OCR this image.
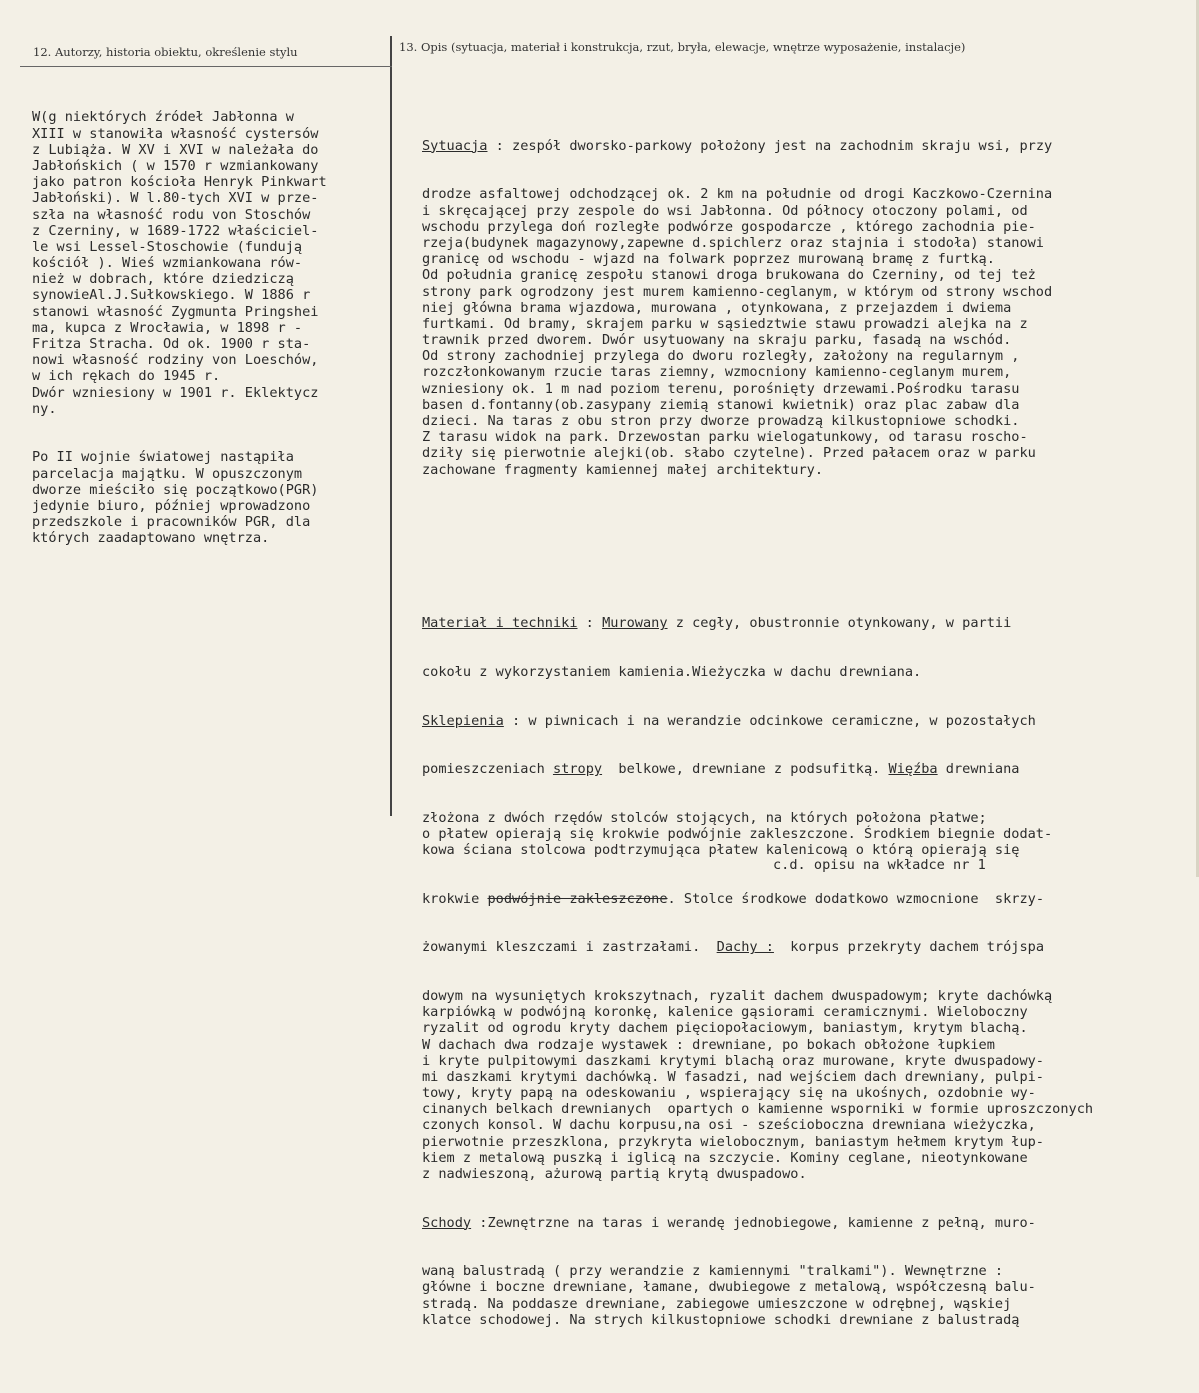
12. Autorzy, historia obiektu, określenie stylu	13. Opis (sytuacja, materiał i konstrukcja, rzut, bryła, elewacje, wnętrze wyposażenie, instalacje)

W(g niektórych źródeł Jabłonna w
XIII w stanowiła własność cystersów
z Lubiąża. W XV i XVI w należała do
Jabłońskich ( w 1570 r wzmiankowany
jako patron kościoła Henryk Pinkwart
Jabłoński). W l.80-tych XVI w prze-
szła na własność rodu von Stoschów
z Czerniny, w 1689-1722 właściciel-
le wsi Lessel-Stoschowie (fundują
kościół ). Wieś wzmiankowana rów-
nież w dobrach, które dziedziczą
synowieAl.J.Sułkowskiego. W 1886 r
stanowi własność Zygmunta Pringshei
ma, kupca z Wrocławia, w 1898 r -
Fritza Stracha. Od ok. 1900 r sta-
nowi własność rodziny von Loeschów,
w ich rękach do 1945 r.
Dwór wzniesiony w 1901 r. Eklektycz
ny.

Po II wojnie światowej nastąpiła
parcelacja majątku. W opuszczonym
dworze mieściło się początkowo(PGR)
jedynie biuro, później wprowadzono
przedszkole i pracowników PGR, dla
których zaadaptowano wnętrza.

Sytuacja : zespół dworsko-parkowy położony jest na zachodnim skraju wsi, przy

drodze asfaltowej odchodzącej ok. 2 km na południe od drogi Kaczkowo-Czernina
i skręcającej przy zespole do wsi Jabłonna. Od północy otoczony polami, od
wschodu przylega doń rozległe podwórze gospodarcze , którego zachodnia pie-
rzeja(budynek magazynowy,zapewne d.spichlerz oraz stajnia i stodoła) stanowi
granicę od wschodu - wjazd na folwark poprzez murowaną bramę z furtką.
Od południa granicę zespołu stanowi droga brukowana do Czerniny, od tej też
strony park ogrodzony jest murem kamienno-ceglanym, w którym od strony wschod
niej główna brama wjazdowa, murowana , otynkowana, z przejazdem i dwiema
furtkami. Od bramy, skrajem parku w sąsiedztwie stawu prowadzi alejka na z
trawnik przed dworem. Dwór usytuowany na skraju parku, fasadą na wschód.
Od strony zachodniej przylega do dworu rozległy, założony na regularnym ,
rozczłonkowanym rzucie taras ziemny, wzmocniony kamienno-ceglanym murem,
wzniesiony ok. 1 m nad poziom terenu, porośnięty drzewami.Pośrodku tarasu
basen d.fontanny(ob.zasypany ziemią stanowi kwietnik) oraz plac zabaw dla
dzieci. Na taras z obu stron przy dworze prowadzą kilkustopniowe schodki.
Z tarasu widok na park. Drzewostan parku wielogatunkowy, od tarasu roscho-
dziły się pierwotnie alejki(ob. słabo czytelne). Przed pałacem oraz w parku
zachowane fragmenty kamiennej małej architektury.

Materiał i techniki : Murowany z cegły, obustronnie otynkowany, w partii

cokołu z wykorzystaniem kamienia.Wieżyczka w dachu drewniana.

Sklepienia : w piwnicach i na werandzie odcinkowe ceramiczne, w pozostałych

pomieszczeniach stropy  belkowe, drewniane z podsufitką. Więźba drewniana

złożona z dwóch rzędów stolców stojących, na których położona płatwe;
o płatew opierają się krokwie podwójnie zakleszczone. Środkiem biegnie dodat-
kowa ściana stolcowa podtrzymująca płatew kalenicową o którą opierają się

krokwie podwójnie zakleszczone. Stolce środkowe dodatkowo wzmocnione  skrzy-

żowanymi kleszczami i zastrzałami.  Dachy :  korpus przekryty dachem trójspa

dowym na wysuniętych krokszytnach, ryzalit dachem dwuspadowym; kryte dachówką
karpiówką w podwójną koronkę, kalenice gąsiorami ceramicznymi. Wieloboczny
ryzalit od ogrodu kryty dachem pięciopołaciowym, baniastym, krytym blachą.
W dachach dwa rodzaje wystawek : drewniane, po bokach obłożone łupkiem
i kryte pulpitowymi daszkami krytymi blachą oraz murowane, kryte dwuspadowy-
mi daszkami krytymi dachówką. W fasadzi, nad wejściem dach drewniany, pulpi-
towy, kryty papą na odeskowaniu , wspierający się na ukośnych, ozdobnie wy-
cinanych belkach drewnianych  opartych o kamienne wsporniki w formie uproszczonych
czonych konsol. W dachu korpusu,na osi - sześcioboczna drewniana wieżyczka,
pierwotnie przeszklona, przykryta wielobocznym, baniastym hełmem krytym łup-
kiem z metalową puszką i iglicą na szczycie. Kominy ceglane, nieotynkowane
z nadwieszoną, ażurową partią krytą dwuspadowo.

Schody :Zewnętrzne na taras i werandę jednobiegowe, kamienne z pełną, muro-

waną balustradą ( przy werandzie z kamiennymi "tralkami"). Wewnętrzne :
główne i boczne drewniane, łamane, dwubiegowe z metalową, współczesną balu-
stradą. Na poddasze drewniane, zabiegowe umieszczone w odrębnej, wąskiej
klatce schodowej. Na strych kilkustopniowe schodki drewniane z balustradą

c.d. opisu na wkładce nr 1
